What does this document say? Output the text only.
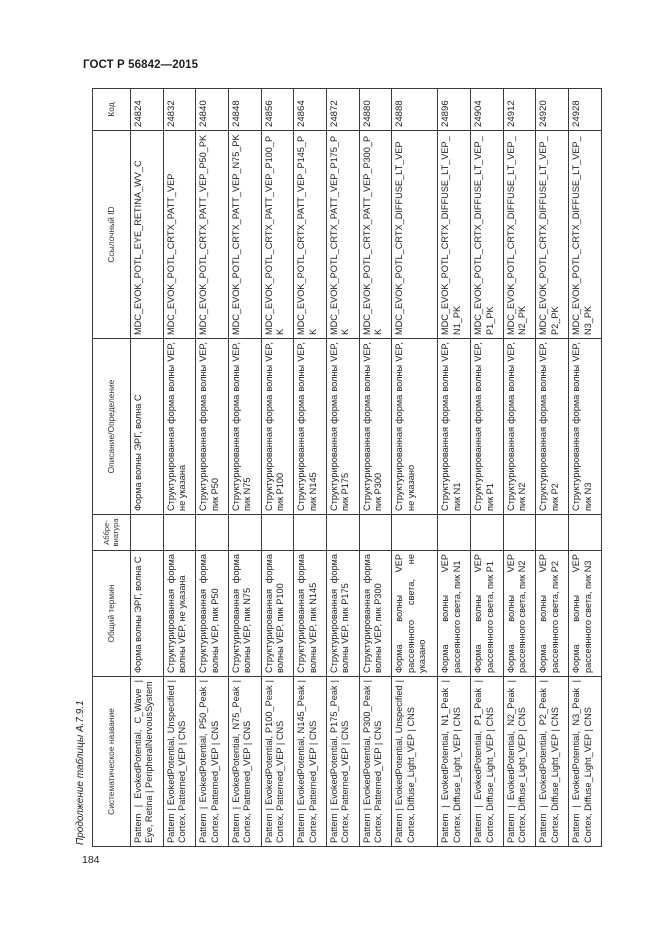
ГОСТ Р 56842—2015
Продолжение таблицы А.7.9.1	Систематическое название	Общий термин	Аббре-виатура	Описание/Определение	Ссылочный ID	Код
Pattern | EvokedPotential, C_Wave | Eye, Retina | PeripheralNervousSystem	Форма волны ЭРГ, волна C		Форма волны ЭРГ, волна C	MDC_EVOK_POTL_EYE_RETINA_WV_C	24824
Pattern | EvokedPotential, Unspecified | Cortex, Patterned_VEP | CNS	Структурированная форма волны VEP, не указана		Структурированная форма волны VEP, не указана	MDC_EVOK_POTL_CRTX_PATT_VEP	24832
Pattern | EvokedPotential, P50_Peak | Cortex, Patterned_VEP | CNS	Структурированная форма волны VEP, пик P50		Структурированная форма волны VEP, пик P50	MDC_EVOK_POTL_CRTX_PATT_VEP_P50_PK	24840
Pattern | EvokedPotential, N75_Peak | Cortex, Patterned_VEP | CNS	Структурированная форма волны VEP, пик N75		Структурированная форма волны VEP, пик N75	MDC_EVOK_POTL_CRTX_PATT_VEP_N75_PK	24848
Pattern | EvokedPotential, P100_Peak | Cortex, Patterned_VEP | CNS	Структурированная форма волны VEP, пик P100		Структурированная форма волны VEP, пик P100	MDC_EVOK_POTL_CRTX_PATT_VEP_P100_PK	24856
Pattern | EvokedPotential, N145_Peak | Cortex, Patterned_VEP | CNS	Структурированная форма волны VEP, пик N145		Структурированная форма волны VEP, пик N145	MDC_EVOK_POTL_CRTX_PATT_VEP_P145_PK	24864
Pattern | EvokedPotential, P175_Peak | Cortex, Patterned_VEP | CNS	Структурированная форма волны VEP, пик P175		Структурированная форма волны VEP, пик P175	MDC_EVOK_POTL_CRTX_PATT_VEP_P175_PK	24872
Pattern | EvokedPotential, P300_Peak | Cortex, Patterned_VEP | CNS	Структурированная форма волны VEP, пик P300		Структурированная форма волны VEP, пик P300	MDC_EVOK_POTL_CRTX_PATT_VEP_P300_PK	24880
Pattern | EvokedPotential, Unspecified | Cortex, Diffuse_Light_VEP | CNS	Форма волны VEP рассеянного света, не указано		Структурированная форма волны VEP, не указано	MDC_EVOK_POTL_CRTX_DIFFUSE_LT_VEP	24888
Pattern | EvokedPotential, N1_Peak | Cortex, Diffuse_Light_VEP | CNS	Форма волны VEP рассеянного света, пик N1		Структурированная форма волны VEP, пик N1	MDC_EVOK_POTL_CRTX_DIFFUSE_LT_VEP_N1_PK	24896
Pattern | EvokedPotential, P1_Peak | Cortex, Diffuse_Light_VEP | CNS	Форма волны VEP рассеянного света, пик P1		Структурированная форма волны VEP, пик P1	MDC_EVOK_POTL_CRTX_DIFFUSE_LT_VEP_P1_PK	24904
Pattern | EvokedPotential, N2_Peak | Cortex, Diffuse_Light_VEP | CNS	Форма волны VEP рассеянного света, пик N2		Структурированная форма волны VEP, пик N2	MDC_EVOK_POTL_CRTX_DIFFUSE_LT_VEP_N2_PK	24912
Pattern | EvokedPotential, P2_Peak | Cortex, Diffuse_Light_VEP | CNS	Форма волны VEP рассеянного света, пик P2		Структурированная форма волны VEP, пик P2	MDC_EVOK_POTL_CRTX_DIFFUSE_LT_VEP_P2_PK	24920
Pattern | EvokedPotential, N3_Peak | Cortex, Diffuse_Light_VEP | CNS	Форма волны VEP рассеянного света, пик N3		Структурированная форма волны VEP, пик N3	MDC_EVOK_POTL_CRTX_DIFFUSE_LT_VEP_N3_PK	24928
184
